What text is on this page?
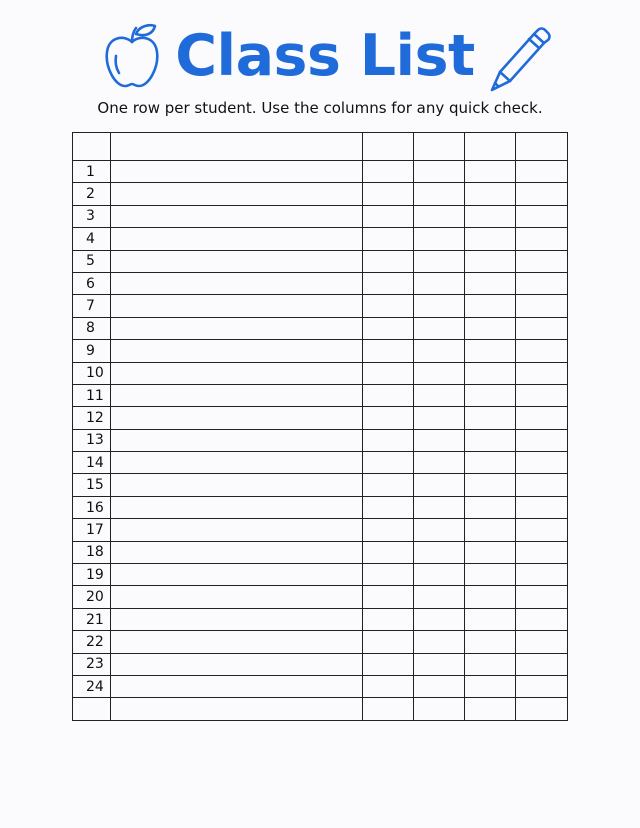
Class List
One row per student. Use the columns for any quick check.

1					
2					
3					
4					
5					
6					
7					
8					
9					
10					
11					
12					
13					
14					
15					
16					
17					
18					
19					
20					
21					
22					
23					
24					
